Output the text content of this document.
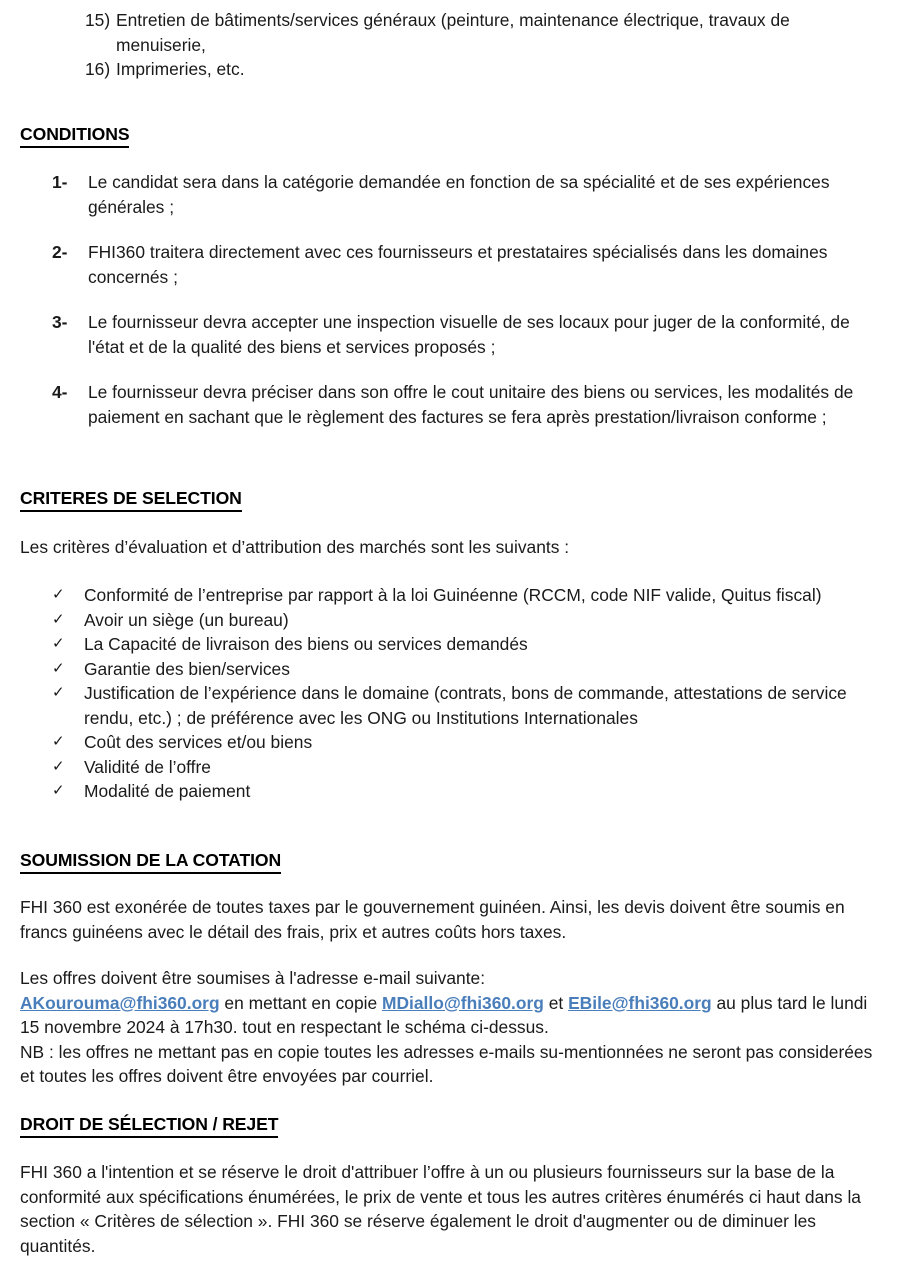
15) Entretien de bâtiments/services généraux (peinture, maintenance électrique, travaux de menuiserie,
16) Imprimeries, etc.
CONDITIONS
1-	Le candidat sera dans la catégorie demandée en fonction de sa spécialité et de ses expériences générales ;
2-	FHI360 traitera directement avec ces fournisseurs et prestataires spécialisés dans les domaines concernés ;
3-	Le fournisseur devra accepter une inspection visuelle de ses locaux pour juger de la conformité, de l'état et de la qualité des biens et services proposés ;
4-	Le fournisseur devra préciser dans son offre le cout unitaire des biens ou services, les modalités de paiement en sachant que le règlement des factures se fera après prestation/livraison conforme ;
CRITERES DE SELECTION

Les critères d’évaluation et d’attribution des marchés sont les suivants :

✓	Conformité de l’entreprise par rapport à la loi Guinéenne (RCCM, code NIF valide, Quitus fiscal)
✓	Avoir un siège (un bureau)
✓	La Capacité de livraison des biens ou services demandés
✓	Garantie des bien/services
✓	Justification de l’expérience dans le domaine (contrats, bons de commande, attestations de service rendu, etc.) ; de préférence avec les ONG ou Institutions Internationales
✓	Coût des services et/ou biens
✓	Validité de l’offre
✓	Modalité de paiement
SOUMISSION DE LA COTATION

FHI 360 est exonérée de toutes taxes par le gouvernement guinéen. Ainsi, les devis doivent être soumis en francs guinéens avec le détail des frais, prix et autres coûts hors taxes.

Les offres doivent être soumises à l'adresse e-mail suivante:
AKourouma@fhi360.org en mettant en copie MDiallo@fhi360.org et EBile@fhi360.org au plus tard le lundi 15 novembre 2024 à 17h30. tout en respectant le schéma ci-dessus.
NB : les offres ne mettant pas en copie toutes les adresses e-mails su-mentionnées ne seront pas considerées et toutes les offres doivent être envoyées par courriel.

DROIT DE SÉLECTION / REJET

FHI 360 a l'intention et se réserve le droit d'attribuer l’offre à un ou plusieurs fournisseurs sur la base de la conformité aux spécifications énumérées, le prix de vente et tous les autres critères énumérés ci haut dans la section « Critères de sélection ». FHI 360 se réserve également le droit d'augmenter ou de diminuer les quantités.
